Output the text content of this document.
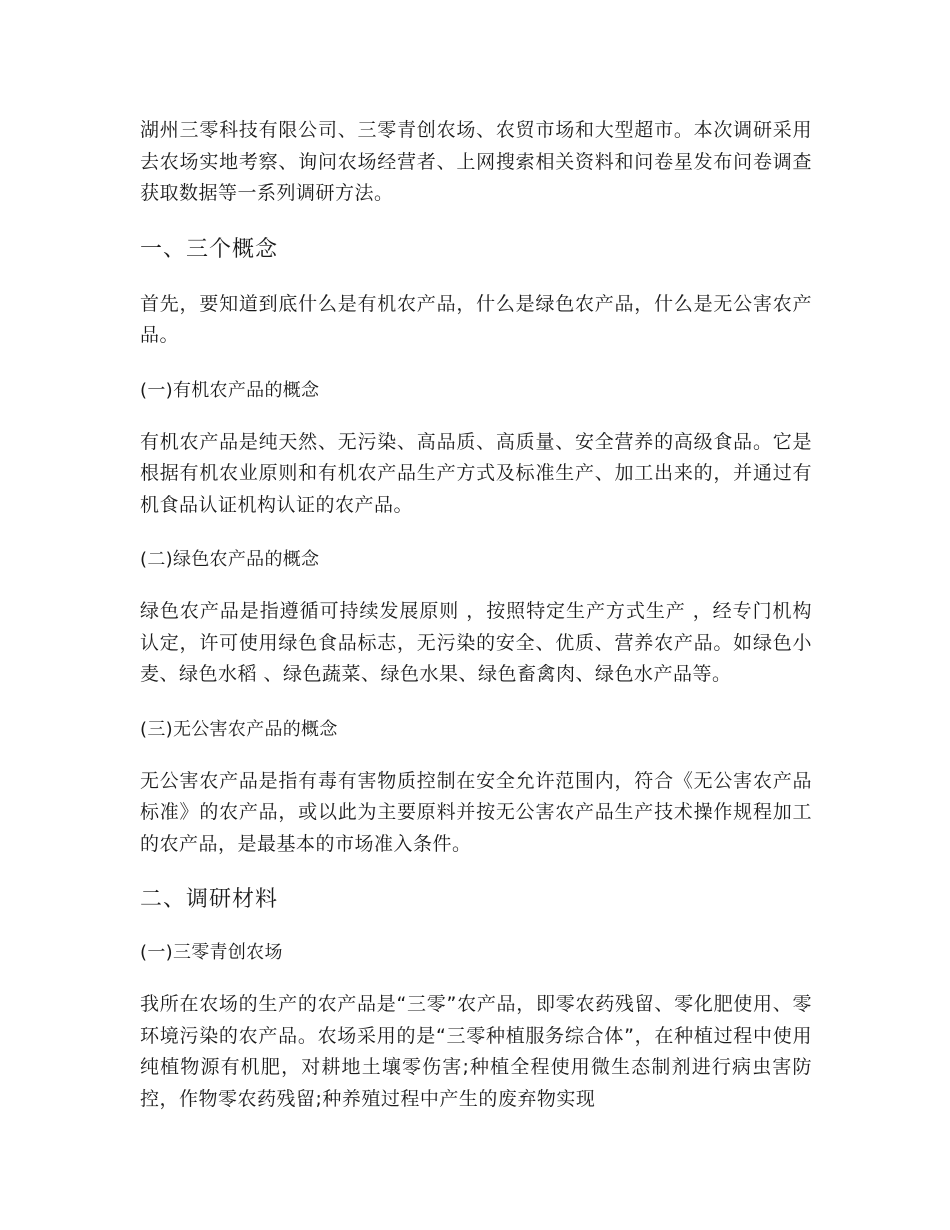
湖州三零科技有限公司、三零青创农场、农贸市场和大型超市。本次调研采用去农场实地考察、询问农场经营者、上网搜索相关资料和问卷星发布问卷调查获取数据等一系列调研方法。

一、三个概念

首先，要知道到底什么是有机农产品，什么是绿色农产品，什么是无公害农产品。

(一)有机农产品的概念

有机农产品是纯天然、无污染、高品质、高质量、安全营养的高级食品。它是根据有机农业原则和有机农产品生产方式及标准生产、加工出来的，并通过有机食品认证机构认证的农产品。

(二)绿色农产品的概念

绿色农产品是指遵循可持续发展原则 ，按照特定生产方式生产 ，经专门机构认定，许可使用绿色食品标志，无污染的安全、优质、营养农产品。如绿色小麦、绿色水稻 、绿色蔬菜、绿色水果、绿色畜禽肉、绿色水产品等。

(三)无公害农产品的概念

无公害农产品是指有毒有害物质控制在安全允许范围内，符合《无公害农产品标准》的农产品，或以此为主要原料并按无公害农产品生产技术操作规程加工的农产品，是最基本的市场准入条件。

二、调研材料
(一)三零青创农场

我所在农场的生产的农产品是“三零”农产品，即零农药残留、零化肥使用、零环境污染的农产品。农场采用的是“三零种植服务综合体”，在种植过程中使用纯植物源有机肥，对耕地土壤零伤害;种植全程使用微生态制剂进行病虫害防控，作物零农药残留;种养殖过程中产生的废弃物实现
